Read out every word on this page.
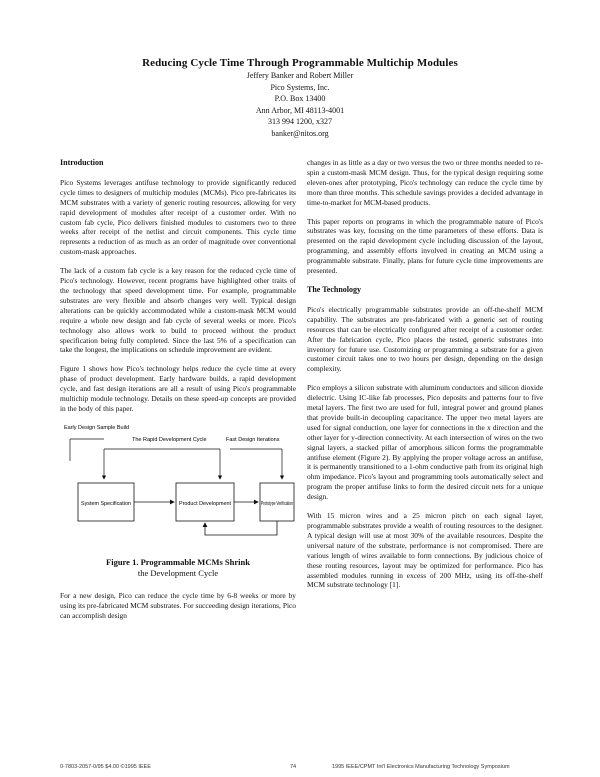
Reducing Cycle Time Through Programmable Multichip Modules
Jeffery Banker and Robert Miller
Pico Systems, Inc.
P.O. Box 13400
Ann Arbor, MI 48113-4001
313 994 1200, x327
banker@nitos.org
Introduction

Pico Systems leverages antifuse technology to provide significantly reduced cycle times to designers of multichip modules (MCMs). Pico pre-fabricates its MCM substrates with a variety of generic routing resources, allowing for very rapid development of modules after receipt of a customer order. With no custom fab cycle, Pico delivers finished modules to customers two to three weeks after receipt of the netlist and circuit components. This cycle time represents a reduction of as much as an order of magnitude over conventional custom-mask approaches.

The lack of a custom fab cycle is a key reason for the reduced cycle time of Pico's technology. However, recent programs have highlighted other traits of the technology that speed development time. For example, programmable substrates are very flexible and absorb changes very well. Typical design alterations can be quickly accommodated while a custom-mask MCM would require a whole new design and fab cycle of several weeks or more. Pico's technology also allows work to build to proceed without the product specification being fully completed. Since the last 5% of a specification can take the longest, the implications on schedule improvement are evident.

Figure 1 shows how Pico's technology helps reduce the cycle time at every phase of product development. Early hardware builds, a rapid development cycle, and fast design iterations are all a result of using Pico's programmable multichip module technology. Details on these speed-up concepts are provided in the body of this paper.

Early Design Sample Build
The Rapid Development Cycle	Fast Design Iterations
System Specification	Product Development	Prototype Verification
Figure 1. Programmable MCMs Shrink
the Development Cycle

For a new design, Pico can reduce the cycle time by 6-8 weeks or more by using its pre-fabricated MCM substrates. For succeeding design iterations, Pico can accomplish design

changes in as little as a day or two versus the two or three months needed to re-spin a custom-mask MCM design. Thus, for the typical design requiring some eleven-ones after prototyping, Pico's technology can reduce the cycle time by more than three months. This schedule savings provides a decided advantage in time-to-market for MCM-based products.

This paper reports on programs in which the programmable nature of Pico's substrates was key, focusing on the time parameters of these efforts. Data is presented on the rapid development cycle including discussion of the layout, programming, and assembly efforts involved in creating an MCM using a programmable substrate. Finally, plans for future cycle time improvements are presented.

The Technology

Pico's electrically programmable substrates provide an off-the-shelf MCM capability. The substrates are pre-fabricated with a generic set of routing resources that can be electrically configured after receipt of a customer order. After the fabrication cycle, Pico places the tested, generic substrates into inventory for future use. Customizing or programming a substrate for a given customer circuit takes one to two hours per design, depending on the design complexity.

Pico employs a silicon substrate with aluminum conductors and silicon dioxide dielectric. Using IC-like fab processes, Pico deposits and patterns four to five metal layers. The first two are used for full, integral power and ground planes that provide built-in decoupling capacitance. The upper two metal layers are used for signal conduction, one layer for connections in the x direction and the other layer for y-direction connectivity. At each intersection of wires on the two signal layers, a stacked pillar of amorphous silicon forms the programmable antifuse element (Figure 2). By applying the proper voltage across an antifuse, it is permanently transitioned to a 1-ohm conductive path from its original high ohm impedance. Pico's layout and programming tools automatically select and program the proper antifuse links to form the desired circuit nets for a unique design.

With 15 micron wires and a 25 micron pitch on each signal layer, programmable substrates provide a wealth of routing resources to the designer. A typical design will use at most 30% of the available resources. Despite the universal nature of the substrate, performance is not compromised. There are various length of wires available to form connections. By judicious choice of these routing resources, layout may be optimized for performance. Pico has assembled modules running in excess of 200 MHz, using its off-the-shelf MCM substrate technology [1].

0-7803-2057-0/95 $4.00 ©1995 IEEE	74	1995 IEEE/CPMT Int'l Electronics Manufacturing Technology Symposium
